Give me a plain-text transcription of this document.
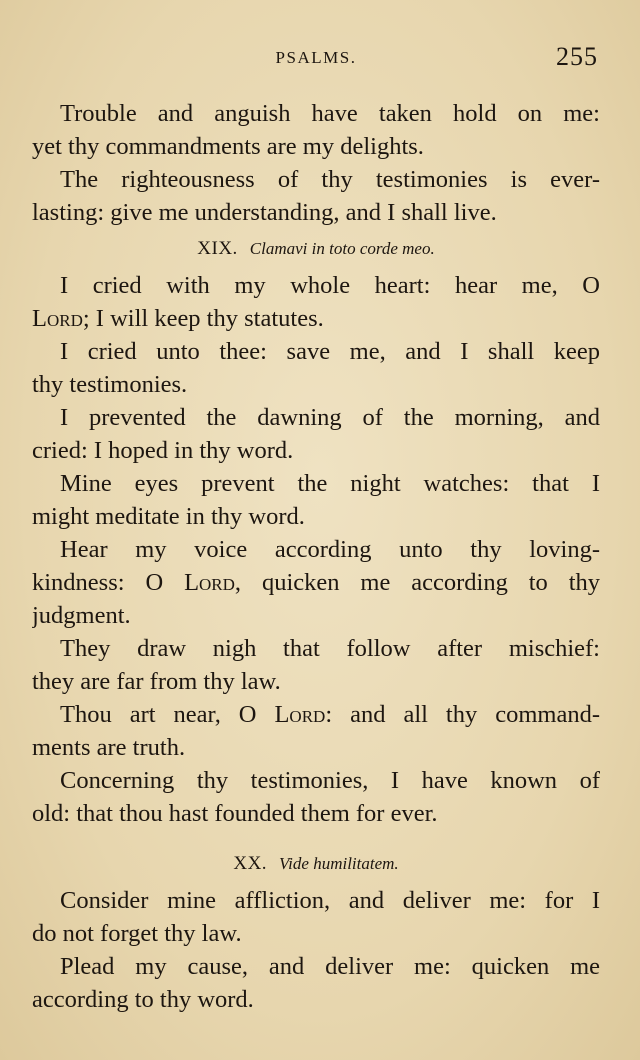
PSALMS.	255
Trouble and anguish have taken hold on me:
yet thy commandments are my delights.
The righteousness of thy testimonies is ever-
lasting: give me understanding, and I shall live.
XIX. Clamavi in toto corde meo.
I cried with my whole heart: hear me, O
Lord; I will keep thy statutes.
I cried unto thee: save me, and I shall keep
thy testimonies.
I prevented the dawning of the morning, and
cried: I hoped in thy word.
Mine eyes prevent the night watches: that I
might meditate in thy word.
Hear my voice according unto thy loving-
kindness: O Lord, quicken me according to thy
judgment.
They draw nigh that follow after mischief:
they are far from thy law.
Thou art near, O Lord: and all thy command-
ments are truth.
Concerning thy testimonies, I have known of
old: that thou hast founded them for ever.
XX. Vide humilitatem.
Consider mine affliction, and deliver me: for I
do not forget thy law.
Plead my cause, and deliver me: quicken me
according to thy word.
